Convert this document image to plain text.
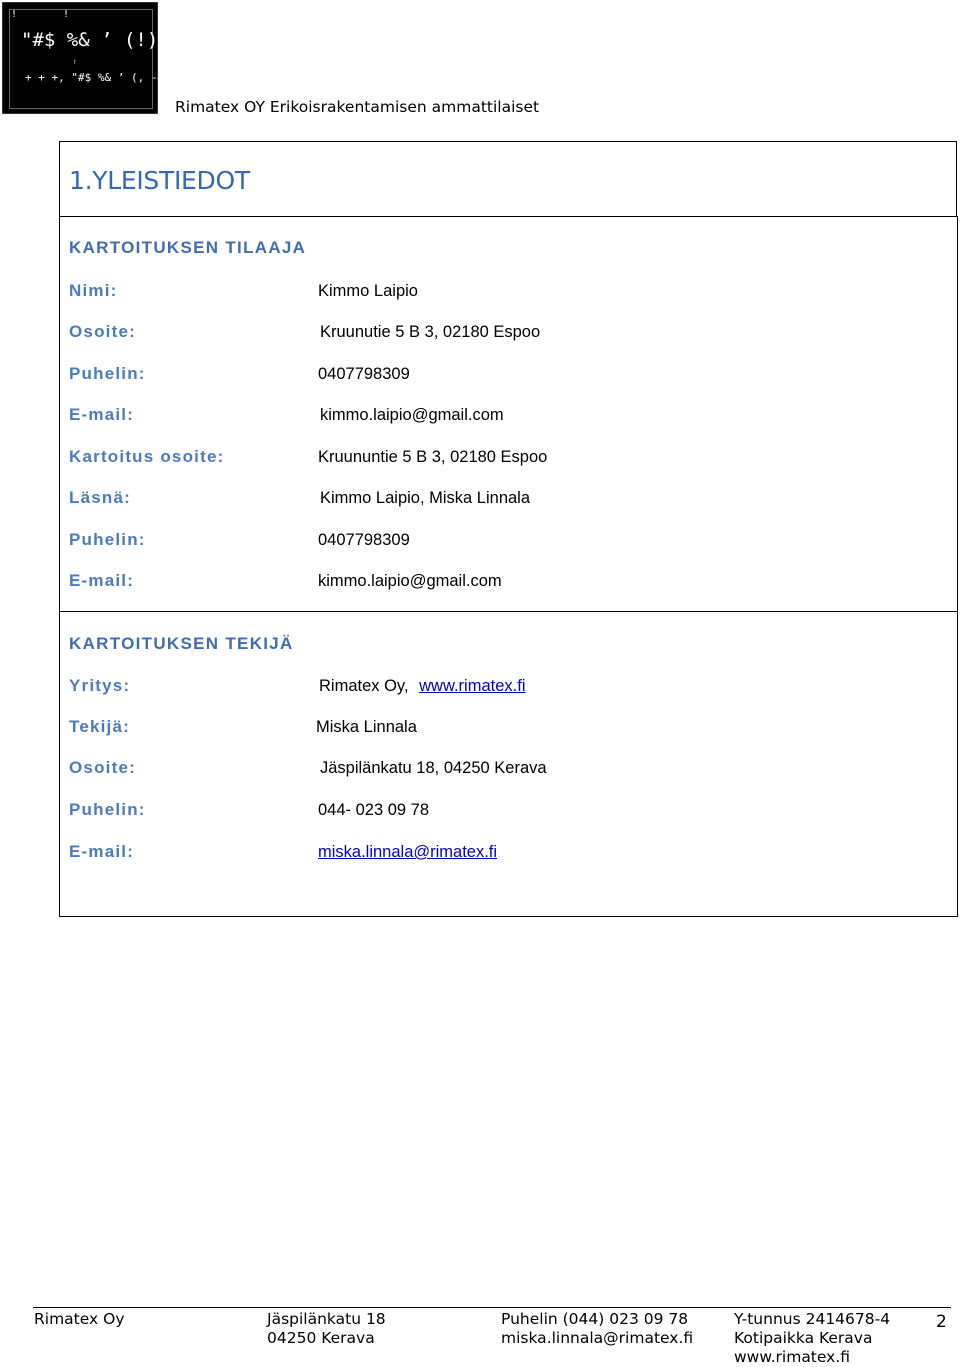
! !
"#$ %& ’ (!) *!
!
+ + +, "#$ %& ’ (, -#!
Rimatex OY Erikoisrakentamisen ammattilaiset
1.YLEISTIEDOT
KARTOITUKSEN TILAAJA
Nimi:	Kimmo Laipio
Osoite:	Kruunutie 5 B 3, 02180 Espoo
Puhelin:	0407798309
E-mail:	kimmo.laipio@gmail.com
Kartoitus osoite:	Kruununtie 5 B 3, 02180 Espoo
Läsnä:	Kimmo Laipio, Miska Linnala
Puhelin:	0407798309
E-mail:	kimmo.laipio@gmail.com
KARTOITUKSEN TEKIJÄ
Yritys:	Rimatex Oy, www.rimatex.fi
Tekijä:	Miska Linnala
Osoite:	Jäspilänkatu 18, 04250 Kerava
Puhelin:	044- 023 09 78
E-mail:	miska.linnala@rimatex.fi
Rimatex Oy	Jäspilänkatu 18
04250 Kerava
Puhelin (044) 023 09 78
miska.linnala@rimatex.fi
Y-tunnus 2414678-4
Kotipaikka Kerava
www.rimatex.fi
2
